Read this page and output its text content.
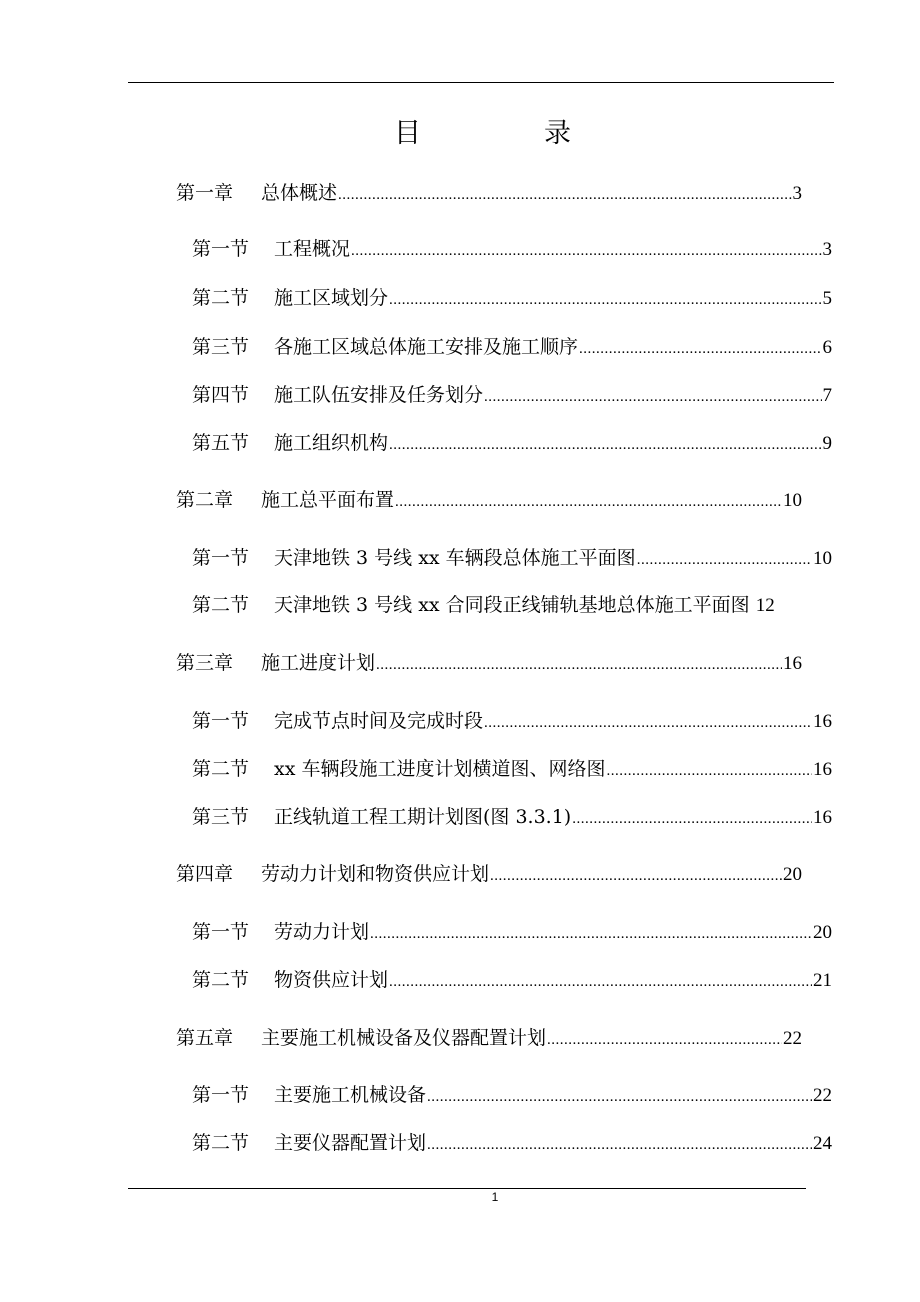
目	录
第一章	总体概述 .....	3
第一节	工程概况 .....	3
第二节	施工区域划分 .....	5
第三节	各施工区域总体施工安排及施工顺序 .....	6
第四节	施工队伍安排及任务划分 .....	7
第五节	施工组织机构 .....	9
第二章	施工总平面布置 .....	10
第一节	天津地铁 3 号线 xx 车辆段总体施工平面图 .....	10
第二节	天津地铁 3 号线 xx 合同段正线铺轨基地总体施工平面图 12
第三章	施工进度计划 .....	16
第一节	完成节点时间及完成时段 .....	16
第二节	xx 车辆段施工进度计划横道图、网络图 .....	16
第三节	正线轨道工程工期计划图(图 3.3.1) .....	16
第四章	劳动力计划和物资供应计划 .....	20
第一节	劳动力计划 .....	20
第二节	物资供应计划 .....	21
第五章	主要施工机械设备及仪器配置计划 .....	22
第一节	主要施工机械设备 .....	22
第二节	主要仪器配置计划 .....	24
1
